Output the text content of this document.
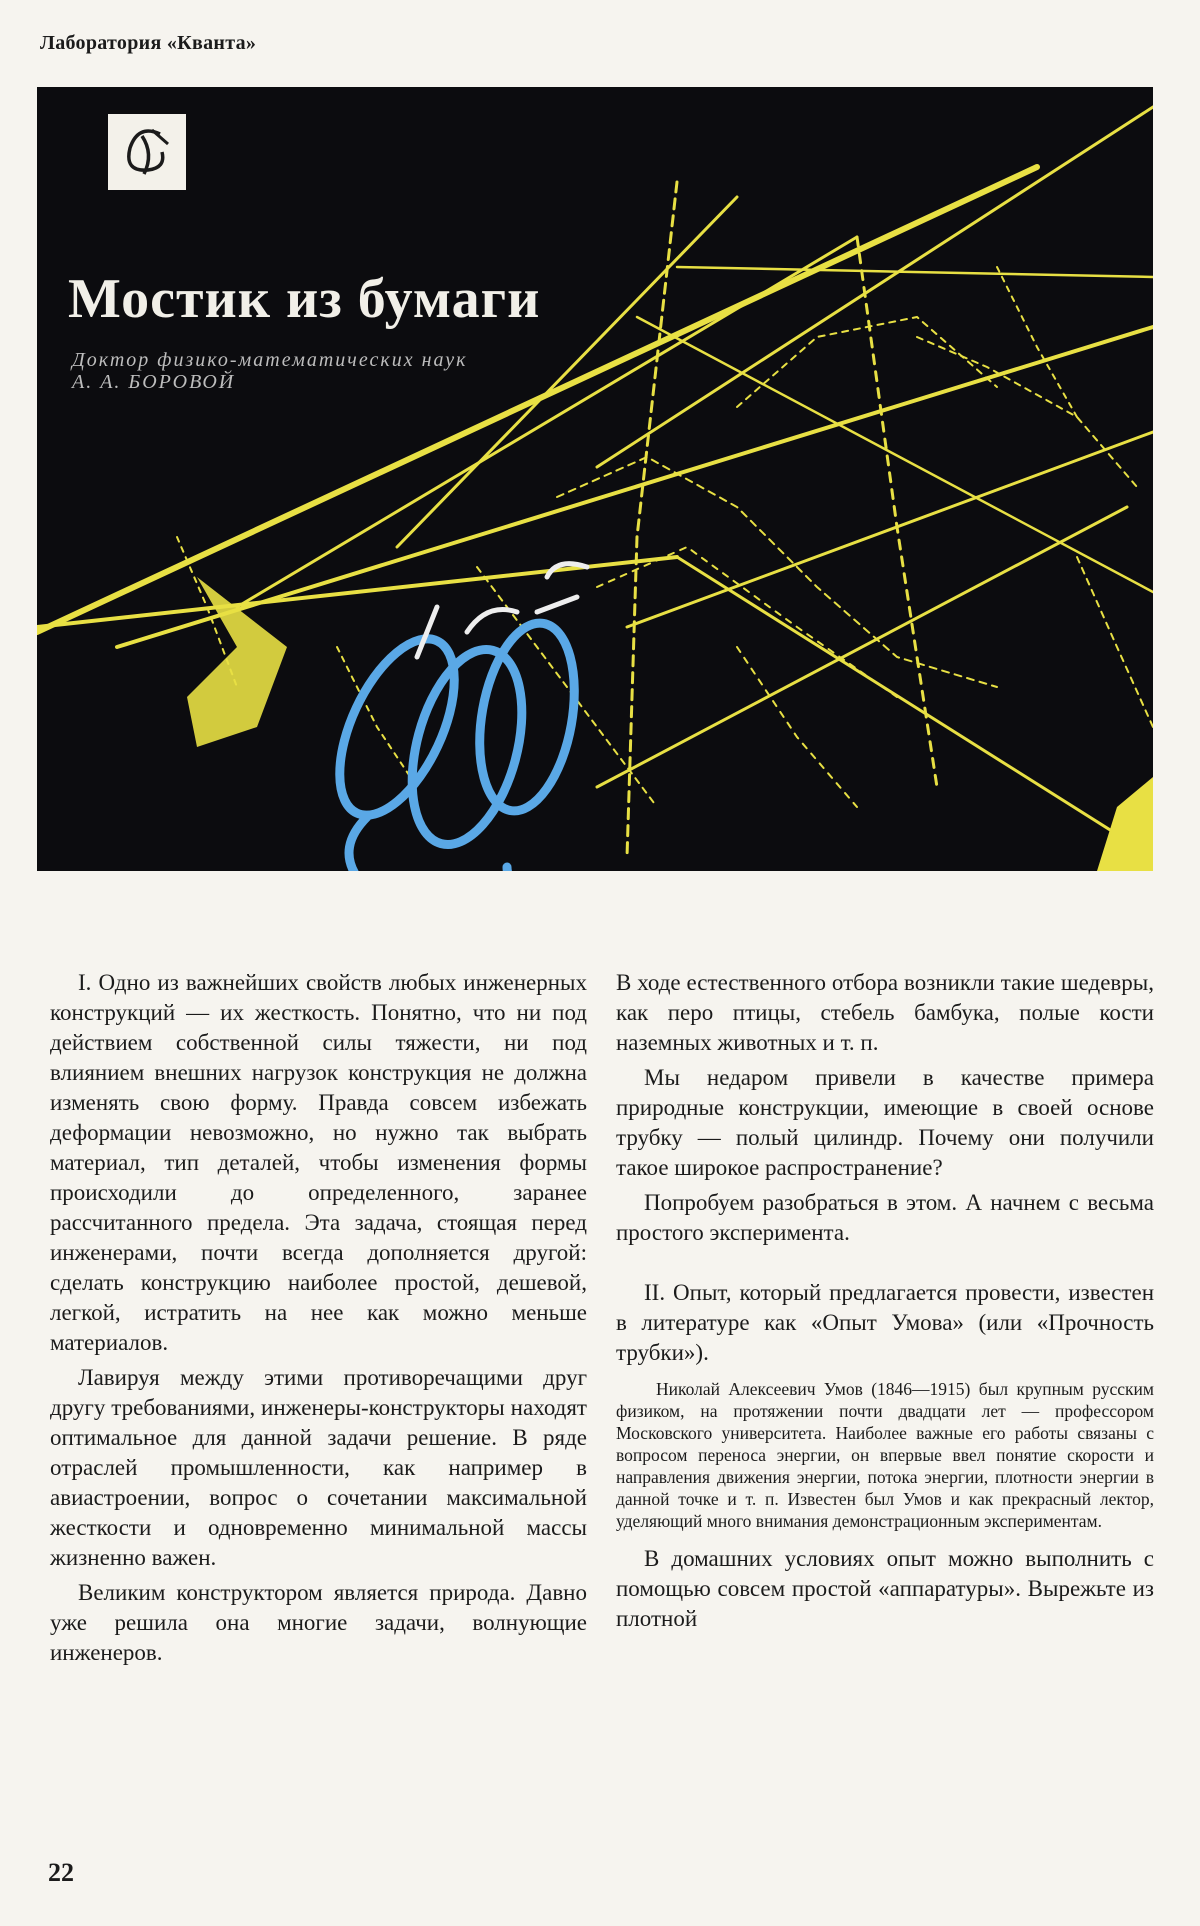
Лаборатория «Кванта»
Мостик из бумаги
Доктор физико-математических наук
А. А. БОРОВОЙ

I. Одно из важнейших свойств любых инженерных конструкций — их жесткость. Понятно, что ни под действием собственной силы тяжести, ни под влиянием внешних нагрузок конструкция не должна изменять свою форму. Правда совсем избежать деформации невозможно, но нужно так выбрать материал, тип деталей, чтобы изменения формы происходили до определенного, заранее рассчитанного предела. Эта задача, стоящая перед инженерами, почти всегда дополняется другой: сделать конструкцию наиболее простой, дешевой, легкой, истратить на нее как можно меньше материалов.

Лавируя между этими противоречащими друг другу требованиями, инженеры-конструкторы находят оптимальное для данной задачи решение. В ряде отраслей промышленности, как например в авиастроении, вопрос о сочетании максимальной жесткости и одновременно минимальной массы жизненно важен.

Великим конструктором является природа. Давно уже решила она многие задачи, волнующие инженеров.

В ходе естественного отбора возникли такие шедевры, как перо птицы, стебель бамбука, полые кости наземных животных и т. п.

Мы недаром привели в качестве примера природные конструкции, имеющие в своей основе трубку — полый цилиндр. Почему они получили такое широкое распространение?

Попробуем разобраться в этом. А начнем с весьма простого эксперимента.

II. Опыт, который предлагается провести, известен в литературе как «Опыт Умова» (или «Прочность трубки»).

Николай Алексеевич Умов (1846—1915) был крупным русским физиком, на протяжении почти двадцати лет — профессором Московского университета. Наиболее важные его работы связаны с вопросом переноса энергии, он впервые ввел понятие скорости и направления движения энергии, потока энергии, плотности энергии в данной точке и т. п. Известен был Умов и как прекрасный лектор, уделяющий много внимания демонстрационным экспериментам.

В домашних условиях опыт можно выполнить с помощью совсем простой «аппаратуры». Вырежьте из плотной

22
